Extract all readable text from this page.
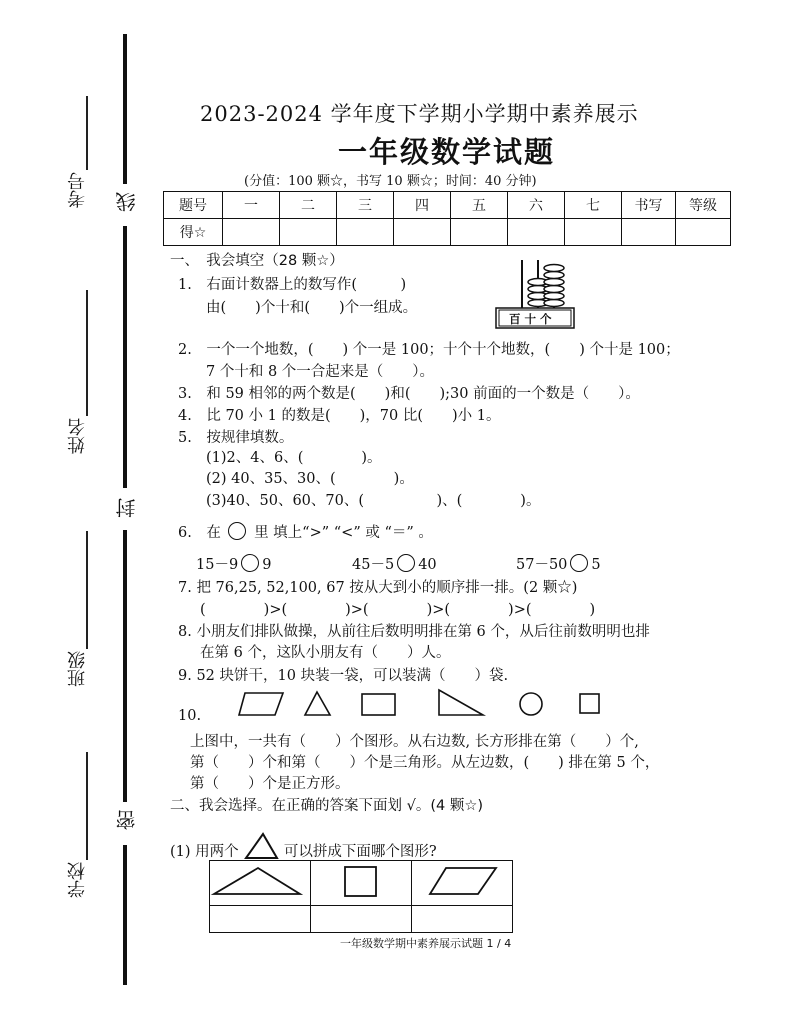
线
封
密
考号
姓名
班级
学校
2023-2024 学年度下学期小学期中素养展示
一年级数学试题
(分值：100 颗☆，书写 10 颗☆；时间：40 分钟)
题号	一	二	三	四	五	六	七	书写	等级
得☆									
一、　我会填空（28 颗☆）
1.　右面计数器上的数写作(　　　)
由(　　)个十和(　　)个一组成。
百 十 个
2.　一个一个地数，(　　) 个一是 100；十个十个地数，(　　) 个十是 100；
7 个十和 8 个一合起来是（　　）。
3.　和 59 相邻的两个数是(　　)和(　　);30 前面的一个数是（　　）。
4.　比 70 小 1 的数是(　　)，70 比(　　)小 1。
5.　按规律填数。
(1)2、4、6、(　　　　)。
(2) 40、35、30、(　　　　)。
(3)40、50、60、70、(　　　　　)、(　　　　)。
6.　在 里 填上“>” “<” 或 “＝” 。
15－9 9	45－5 40	57－50 5
7. 把 76,25, 52,100, 67 按从大到小的顺序排一排。(2 颗☆)
(　　　　)>(　　　　)>(　　　　)>(　　　　)>(　　　　)
8. 小朋友们排队做操，从前往后数明明排在第 6 个，从后往前数明明也排
在第 6 个，这队小朋友有（　　）人。
9. 52 块饼干，10 块装一袋，可以装满（　　）袋.
10.
上图中，一共有（　　）个图形。从右边数, 长方形排在第（　　）个,
第（　　）个和第（　　）个是三角形。从左边数，(　　) 排在第 5 个，
第（　　）个是正方形。
二、我会选择。在正确的答案下面划 √。(4 颗☆)
(1) 用两个	可以拼成下面哪个图形?

一年级数学期中素养展示试题 1 / 4
